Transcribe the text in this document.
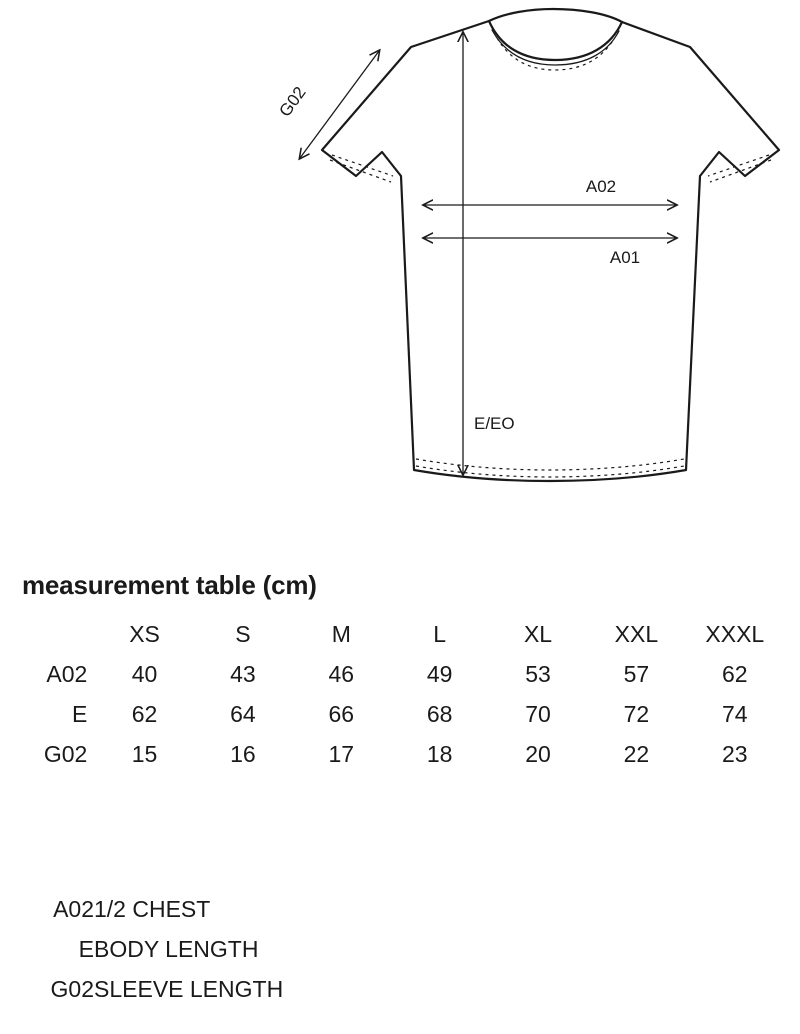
G02
A02
A01
E/EO
measurement table (cm)
	XS	S	M	L	XL	XXL	XXXL
A02	40	43	46	49	53	57	62
E	62	64	66	68	70	72	74
G02	15	16	17	18	20	22	23
A02	1/2 CHEST
E	BODY LENGTH
G02	SLEEVE LENGTH
